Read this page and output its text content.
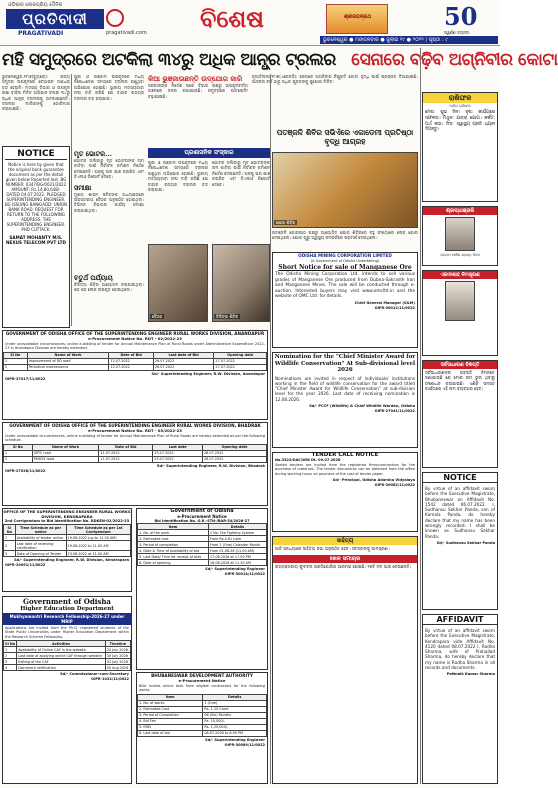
ଓଡ଼ିଶାର ଲୋକପ୍ରିୟ ଦୈନିକ
ପ୍ରତିବାଦୀ
PRAGATIVADI	pragativadi.com ବିଶେଷ	ଶ୍ରୀଜଗନ୍ନାଥ	50
ସ୍ୱର୍ଣ୍ଣ ଜୟନ୍ତୀ
ଭୁବନେଶ୍ୱର ● ମଙ୍ଗଳବାର ● ଜୁଲାଇ ୧୯ ● ୨୦୨୨ | ପୃଷ୍ଠା : ୯
ମହି ସମୁଦ୍ରରେ ଅଟକିଲା ୩୪ରୁ ଅଧିକ ଆନ୍ଧ୍ର ଟ୍ରଲର ସେନାରେ ବଢ଼ିବ ଅଗ୍ନିବୀର କୋଟା
ଭୁବନେଶ୍ୱର,୧୮ା୭(ବ୍ୟୁରୋ): ରାଜ୍ୟ ସମୁଦ୍ର ଉପକୂଳରେ ବେଆଇନ ମାଛଧରା ବନ୍ଦ ହେଉନି। ମତ୍ସ୍ୟ ବିଭାଗ ଓ ଉପକୂଳ ରକ୍ଷୀ ବାହିନୀ ମିଳିତ ଅଭିଯାନ ଚଳାଇ ୩୪ରୁ ଅଧିକ ଆନ୍ଧ୍ର ଟ୍ରଲରକୁ ଅଟକାଇଛନ୍ତି। ଟ୍ରଲର ମାଲିକଙ୍କୁ ଜୋରିମାନା କରାଯାଇଛି।
NOTICE
Notice is here by given that the original bank guarantee document as per the detail given below Reported lost. BG NUMBER: 0347/BG/0021/2022 AMOUNT: Rs.14,80,648/- DATED 04.07.2022. PLEDGED SUPERINTENDING ENGINEER. BG ISSUING BANK/ADD: UNION BANK ROAD. REQUEST FOR RETURN TO THE FOLLOWING ADDRESS. THE SUPERINTENDING ENGINEER. PHD CUTTACK.
SAMAT MOHANTY M/S. NEXUS TELECOM PVT LTD
ପୁରୀ ଓ ଗଞ୍ଜାମ ଉପକୂଳରେ ମଧ୍ୟ ନିଷେଧାଦେଶ ସମୟରେ ଟ୍ରଲର ପଶୁଥିବା ଅଭିଯୋଗ ହୋଇଛି। ସ୍ଥାନୀୟ ମତ୍ସ୍ୟଜୀବୀ ସଂଘ ଦାବି କରିଛି ଯେ ବାହାର ରାଜ୍ୟର ଟ୍ରଲର ବନ୍ଦ କରାଯାଉ।
କିଆ ଭୁଞ୍ଜାଉଛନ୍ତି ଉଦ୍‌ଯୋଗ ଜାରି
ସରକାରଙ୍କ ନିର୍ଦ୍ଦେଶ ପରେ ବିଭାଗ ପକ୍ଷରୁ ଉପକୂଳବର୍ତ୍ତୀ ଅଞ୍ଚଳରେ ନଜର ରଖାଯାଉଛି। ସମୁଦ୍ରରେ ପାଟ୍ରୋଲିଂ ବଢ଼ାଯାଇଛି।
ନୂଆଦିଲ୍ଲୀ,୧୮ା୭(ଏଜେନ୍ସି): ସେନାରେ ଅଗ୍ନିବୀର ନିଯୁକ୍ତି କୋଟା ବୃଦ୍ଧି ପାଇଁ ପ୍ରସ୍ତାବ ଦିଆଯାଇଛି। ଆସନ୍ତା ବର୍ଷ ଠାରୁ ଅଧିକ ଯୁବକଙ୍କୁ ସୁଯୋଗ ମିଳିବ।
ପତଞ୍ଜଳି ଶିବିର ସଭିଏଁରେ ଏକାଡେମୀ ପ୍ରତିଷ୍ଠା ବୃଦ୍ଧି ଆଗ୍ରହ
ପ୍ରଶାସନିକ ସଂସ୍କାର
ମୃତ ଭୋଟର...
ଭୋଟର ତାଲିକାରୁ ମୃତ ଭୋଟରଙ୍କ ନାମ କାଟିବା ପାଇଁ ନିର୍ବାଚନ କମିଶନ ନିର୍ଦ୍ଦେଶ ଦେଇଛନ୍ତି। ଘରକୁ ଘର ଯାଞ୍ଚ କରାଯିବ ଏବଂ ବିଏଲଓ ରିପୋର୍ଟ ଦେବେ।
ସମୀକ୍ଷା
ମୁଖ୍ୟ ଶାସନ ସଚିବଙ୍କ ଅଧ୍ୟକ୍ଷତାରେ ଉଚ୍ଚସ୍ତରୀୟ ବୈଠକ ଅନୁଷ୍ଠିତ ହୋଇଥିଲା। ବିଭିନ୍ନ ବିଭାଗର କାର୍ଯ୍ୟ ସମୀକ୍ଷା କରାଯାଇଥିଲା।
ପୁରୀ ଓ ଗଞ୍ଜାମ ଉପକୂଳରେ ମଧ୍ୟ ନିଷେଧାଦେଶ ସମୟରେ ଟ୍ରଲର ପଶୁଥିବା ଅଭିଯୋଗ ହୋଇଛି। ସ୍ଥାନୀୟ ମତ୍ସ୍ୟଜୀବୀ ସଂଘ ଦାବି କରିଛି ଯେ ବାହାର ରାଜ୍ୟର ଟ୍ରଲର ବନ୍ଦ କରାଯାଉ।
ଭୋଟର ତାଲିକାରୁ ମୃତ ଭୋଟରଙ୍କ ନାମ କାଟିବା ପାଇଁ ନିର୍ବାଚନ କମିଶନ ନିର୍ଦ୍ଦେଶ ଦେଇଛନ୍ତି। ଘରକୁ ଘର ଯାଞ୍ଚ କରାଯିବ ଏବଂ ବିଏଲଓ ରିପୋର୍ଟ ଦେବେ।
ବୈଠକ	ଚିକିତ୍ସା ଶିବିର
ଯୋଗ ଶିବିର
ପତଞ୍ଜଳି ଯୋଗପୀଠ ପକ୍ଷରୁ ଆୟୋଜିତ ଯୋଗ ଶିବିରରେ ବହୁ ସଂଖ୍ୟାରେ ଲୋକ ଯୋଗ ଦେଇଥିଲେ। ଯୋଗ ଗୁରୁ ସ୍ୱାସ୍ଥ୍ୟ ସମ୍ପର୍କରେ ପରାମର୍ଶ ଦେଇଥିଲେ।
ଚତୁର୍ଥ ପର୍ଯ୍ୟାୟ
ଚିକିତ୍ସା ଶିବିର ଆୟୋଜନ କରାଯାଇଥିଲା। ଶହ ଶହ ଲୋକ ଉପକୃତ ହୋଇଥିଲେ।
ODISHA MINING CORPORATION LIMITED
(A Government of Odisha Undertaking)
Short Notice for sale of Manganese Ore
The Odisha Mining Corporation Ltd. intends to sell various grades of Manganese Ore produced from Dubna-Sakradih Iron and Manganese Mines. The sale will be conducted through e-auction. Interested buyers may visit www.omcltd.in and the website of OMC Ltd. for details.
Chief General Manager (S&M)
OIPR-30012/11/0022
Nomination for the "Chief Minister Award for Wildlife Conservation" At Sub-divisional level 2026
Nominations are invited in respect of individuals/ institutions working in the field of wildlife conservation for the award titled "Chief Minister Award for Wildlife Conservation" at sub-division level for the year 2026. Last date of receiving nomination is 12.08.2026.
Sd/- PCCF (Wildlife) & Chief Wildlife Warden, Odisha
OIPR-27041/11/0022
TENDER CALL NOTICE
No.3322/OAC/WW Dt. 09.07.2026
Sealed tenders are invited from the registered firms/contractors for the purchase of materials. The tender documents can be obtained from the office during working hours on payment of the cost of tender paper.
Sd/- Principal, Odisha Adarsha Vidyalaya
OIPR-30082/11/0022
GOVERNMENT OF ODISHA OFFICE OF THE SUPERINTENDING ENGINEER RURAL WORKS DIVISION, ANANDAPUR
e-Procurement Notice No. RDT - 02/2022-23
Under unavoidable circumstances, online e-bidding of tender for Annual Maintenance Plan of Rural Roads under Administrative Expenditure 2022-23 in Anandapur Division are hereby extended.
Sl No	Name of Work	Date of Bid	Last date of Bid	Opening date
1	Improvement of RD road	12.07.2022	26.07.2022	27.07.2022
2	Periodical maintenance	12.07.2022	26.07.2022	27.07.2022
Sd/- Superintending Engineer, R.W. Division, Anandapur
OIPR-27017/11/0022
GOVERNMENT OF ODISHA OFFICE OF THE SUPERINTENDING ENGINEER RURAL WORKS DIVISION, BHADRAK
e-Procurement Notice No. RDT - 03/2022-23
Under unavoidable circumstances, online e-bidding of tender for Annual Maintenance Plan of Rural Roads are hereby extended as per the following schedule.
Sl No	Name of Work	Date of Bid	Last date	Opening date
1	SRTC road	11.07.2022	25.07.2022	26.07.2022
2	PMGSY road	11.07.2022	25.07.2022	26.07.2022
Sd/- Superintending Engineer, R.W. Division, Bhadrak
OIPR-27028/11/0022
OFFICE OF THE SUPERINTENDING ENGINEER RURAL WORKS DIVISION, KENDRAPARA
2nd Corrigendum to Bid Identification No. RDKEN-02/2022-23
Sl No	Time Schedule as per notice	Time Schedule as per 1st Corrigendum
1	Availability of tender online	19.08.2022 (up to 11.00 AM)
2	Last date of receiving clarification	19.08.2022 to 11.00 AM
3	Date of Opening of Tender	23.08.2022 at 11.00 AM
Sd/- Superintending Engineer, R.W. Division, Kendrapara
OIPR-29091/11/0022
Government of Odisha
e-Procurement Notice
Bid Identification No. O.R.-STN-/BAR-54/2026-27
Item	Details
1. No. of the work	1 No. Fire Fighting System
2. Estimated cost	From Rs.4.81 Lakh
3. Period of completion	From 1 (One) Calendar Month
4. Date & Time of availability of bid	From 01.08.26 (11.00 AM)
5. Last Date/ Time for receipt of bids	17.08.2026 at 17.00 PM
6. Date of opening	18.08.2026 at 11.30 AM
Sd/- Superintending Engineer
OIPR-30014/11/0022
BHUBANESWAR DEVELOPMENT AUTHORITY
e-Procurement Notice
BDA invites online bids from eligible contractors for the following works.
Item	Details
1. No. of works	1 (One)
2. Estimated Cost	Rs. 1.25 Crore
3. Period of Completion	06 (Six) Months
4. Bid Fee	Rs. 10,000/-
5. EMD	Rs. 1,25,000/-
6. Last date of bid	08.07.2026 to 8.00 PM
Sd/- Superintending Engineer
OIPR-30089/11/0022
Government of Odisha
Higher Education Department
Mukhyamantri Research Fellowship-2026-27 under MRIP
Applications are invited from the Ph.D. registered students of the State Public Universities under Higher Education Department within the Research Scheme Fellowship.
Sl No	Activities	Timeline
1	Availability of Online CAF in the website	20 July 2026
2	Last date of applying online CAF through website	30 July 2026
3	Editing of the CAF	31 July 2026
4	Document verification	05 Aug 2026
Sd/- Commissioner-cum-Secretary
OIPR-1022/11/0022
ସାହିତ୍ୟ
ଆଜି ସନ୍ଧ୍ୟାରେ ସାହିତ୍ୟ ସଭା ଅନୁଷ୍ଠିତ ହେବ। ସମସ୍ତଙ୍କୁ ଆମନ୍ତ୍ରଣ।
ଖେଳ ସମାଚାର
ରାଜ୍ୟସ୍ତରୀୟ ଫୁଟବଲ ପ୍ରତିଯୋଗିତା ଆରମ୍ଭ ହୋଇଛି। ୧୬ଟି ଦଳ ଭାଗ ନେଉଛନ୍ତି।
ରାଶିଫଳ
ଆଜିର ରାଶିଫଳ
ମେଷ: ଶୁଭ ଦିନ। ବୃଷ: କାର୍ଯ୍ୟରେ ସଫଳତା। ମିଥୁନ: ଯାତ୍ରା ଯୋଗ। କର୍କଟ: ଅର୍ଥ ଲାଭ। ସିଂହ: ସ୍ୱାସ୍ଥ୍ୟ ପ୍ରତି ଧ୍ୟାନ ଦିଅନ୍ତୁ।
ଶ୍ରଦ୍ଧାଞ୍ଜଳି
ପ୍ରଥମ ବାର୍ଷିକ ଶ୍ରାଦ୍ଧ ଦିବସ
ଏକାଦଶାହ ନିମନ୍ତ୍ରଣ
ସର୍ବସାଧାରଣ ବିଜ୍ଞପ୍ତି
ସର୍ବସାଧାରଣଙ୍କ ଅବଗତି ନିମନ୍ତେ ଜଣାଯାଉଛି ଯେ ମୋର ନାମ ଭୁଲ୍ ଥିବାରୁ ସଂଶୋଧନ କରାଯାଇଛି। ଏଣିକି ସମସ୍ତ କାର୍ଯ୍ୟରେ ଏହି ନାମ ବ୍ୟବହାର ହେବ।
NOTICE
By virtue of an affidavit sworn before the Executive Magistrate, Bhubaneswar on Affidavit No. 1542 dated 06.07.2022. I, Sudhansu Sekhar Panda, son of Kamala Panda, do hereby declare that my name has been wrongly recorded. I shall be known as Sudhansu Sekhar Panda.
Sd/- Sudhansu Sekhar Panda
AFFIDAVIT
By virtue of an affidavit sworn before the Executive Magistrate, Kendrapara vide Affidavit No. 4120 dated 08.07.2022 I, Radha Sharma, wife of Prahallad Sharma, do hereby declare that my name is Radha Sharma in all records and documents.
Pattnaik Kumar Sharma
